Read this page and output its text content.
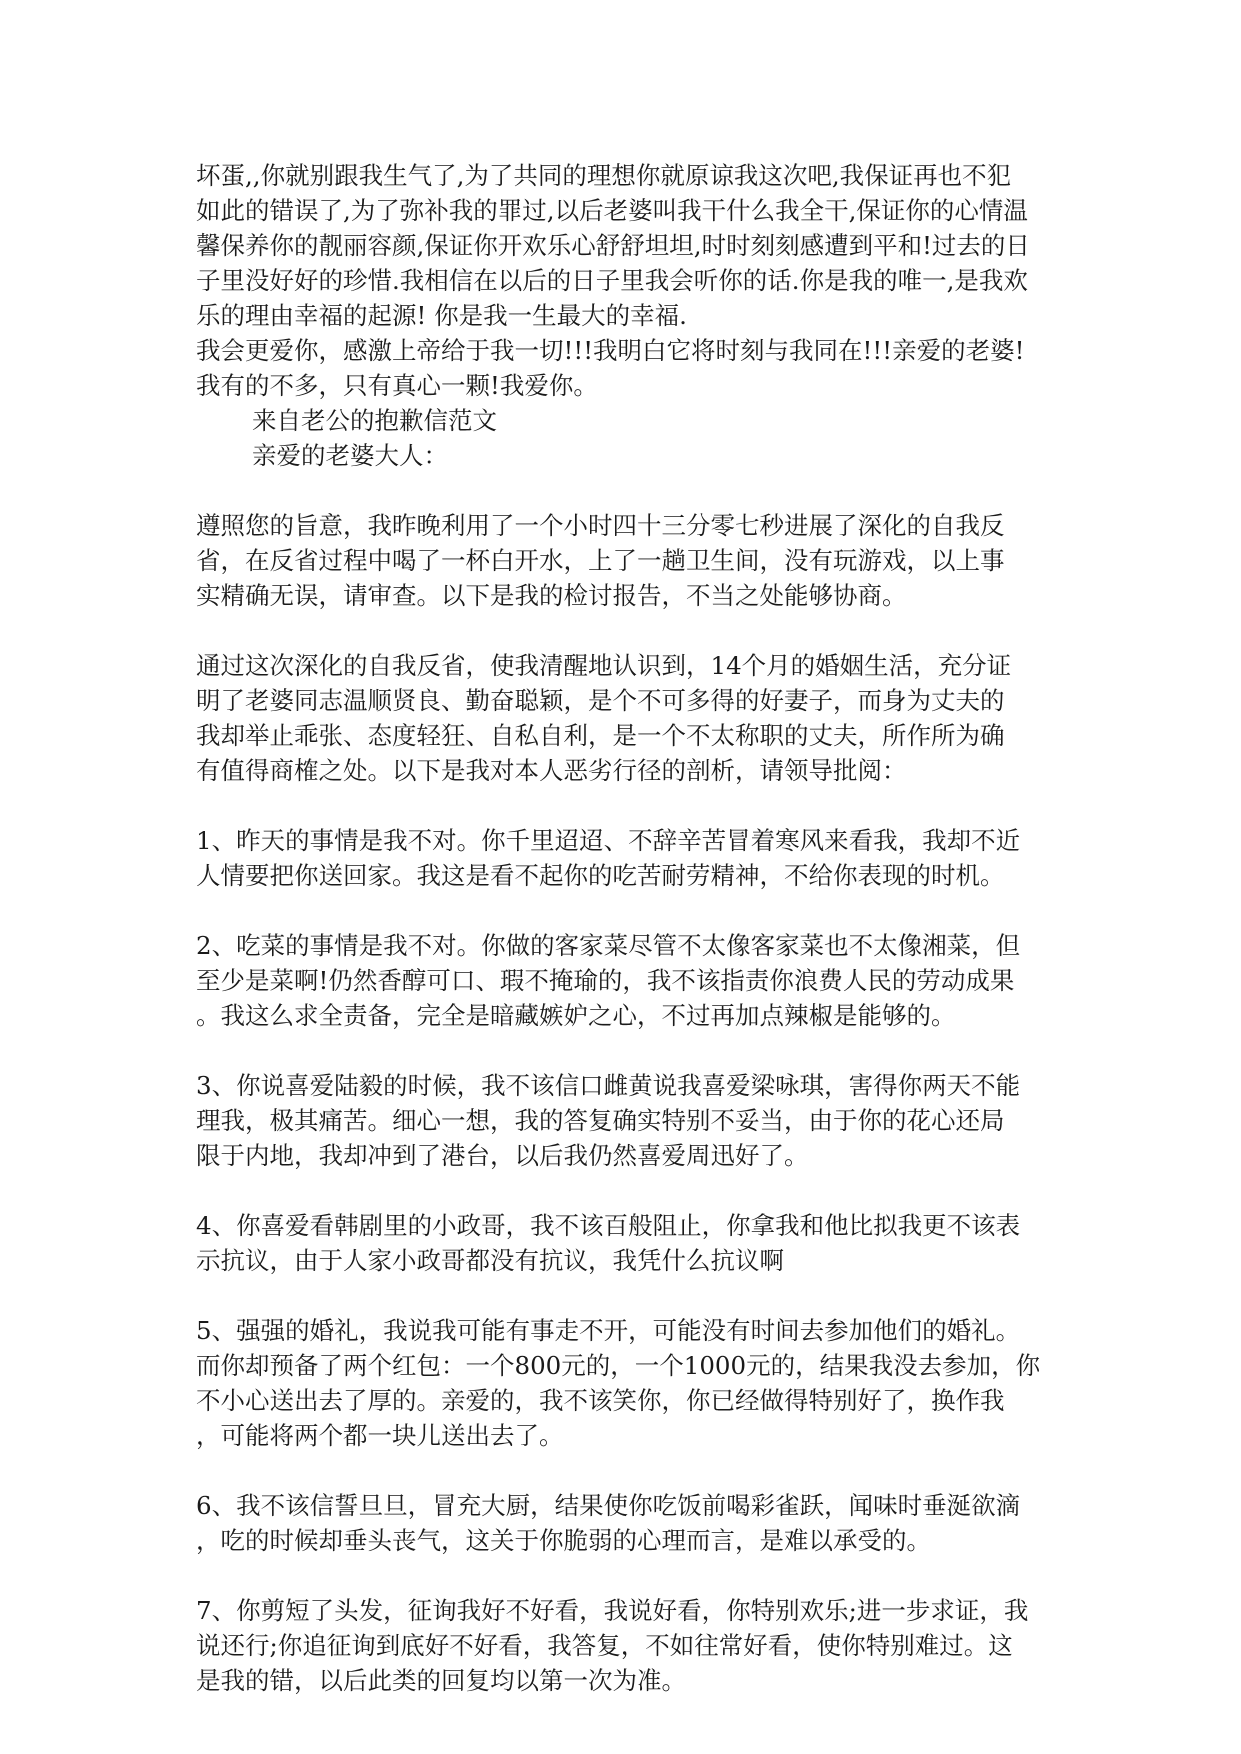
坏蛋,,你就别跟我生气了,为了共同的理想你就原谅我这次吧,我保证再也不犯
如此的错误了,为了弥补我的罪过,以后老婆叫我干什么我全干,保证你的心情温
馨保养你的靓丽容颜,保证你开欢乐心舒舒坦坦,时时刻刻感遭到平和!过去的日
子里没好好的珍惜.我相信在以后的日子里我会听你的话.你是我的唯一,是我欢
乐的理由幸福的起源! 你是我一生最大的幸福.
我会更爱你，感激上帝给于我一切!!!我明白它将时刻与我同在!!!亲爱的老婆!
我有的不多，只有真心一颗!我爱你。
来自老公的抱歉信范文
亲爱的老婆大人：
遵照您的旨意，我昨晚利用了一个小时四十三分零七秒进展了深化的自我反
省，在反省过程中喝了一杯白开水，上了一趟卫生间，没有玩游戏，以上事
实精确无误，请审查。以下是我的检讨报告，不当之处能够协商。
通过这次深化的自我反省，使我清醒地认识到，14个月的婚姻生活，充分证
明了老婆同志温顺贤良、勤奋聪颖，是个不可多得的好妻子，而身为丈夫的
我却举止乖张、态度轻狂、自私自利，是一个不太称职的丈夫，所作所为确
有值得商榷之处。以下是我对本人恶劣行径的剖析，请领导批阅：
1、昨天的事情是我不对。你千里迢迢、不辞辛苦冒着寒风来看我，我却不近
人情要把你送回家。我这是看不起你的吃苦耐劳精神，不给你表现的时机。
2、吃菜的事情是我不对。你做的客家菜尽管不太像客家菜也不太像湘菜，但
至少是菜啊!仍然香醇可口、瑕不掩瑜的，我不该指责你浪费人民的劳动成果
。我这么求全责备，完全是暗藏嫉妒之心，不过再加点辣椒是能够的。
3、你说喜爱陆毅的时候，我不该信口雌黄说我喜爱梁咏琪，害得你两天不能
理我，极其痛苦。细心一想，我的答复确实特别不妥当，由于你的花心还局
限于内地，我却冲到了港台，以后我仍然喜爱周迅好了。
4、你喜爱看韩剧里的小政哥，我不该百般阻止，你拿我和他比拟我更不该表
示抗议，由于人家小政哥都没有抗议，我凭什么抗议啊
5、强强的婚礼，我说我可能有事走不开，可能没有时间去参加他们的婚礼。
而你却预备了两个红包：一个800元的，一个1000元的，结果我没去参加，你
不小心送出去了厚的。亲爱的，我不该笑你，你已经做得特别好了，换作我
，可能将两个都一块儿送出去了。
6、我不该信誓旦旦，冒充大厨，结果使你吃饭前喝彩雀跃，闻味时垂涎欲滴
，吃的时候却垂头丧气，这关于你脆弱的心理而言，是难以承受的。
7、你剪短了头发，征询我好不好看，我说好看，你特别欢乐;进一步求证，我
说还行;你追征询到底好不好看，我答复，不如往常好看，使你特别难过。这
是我的错，以后此类的回复均以第一次为准。
